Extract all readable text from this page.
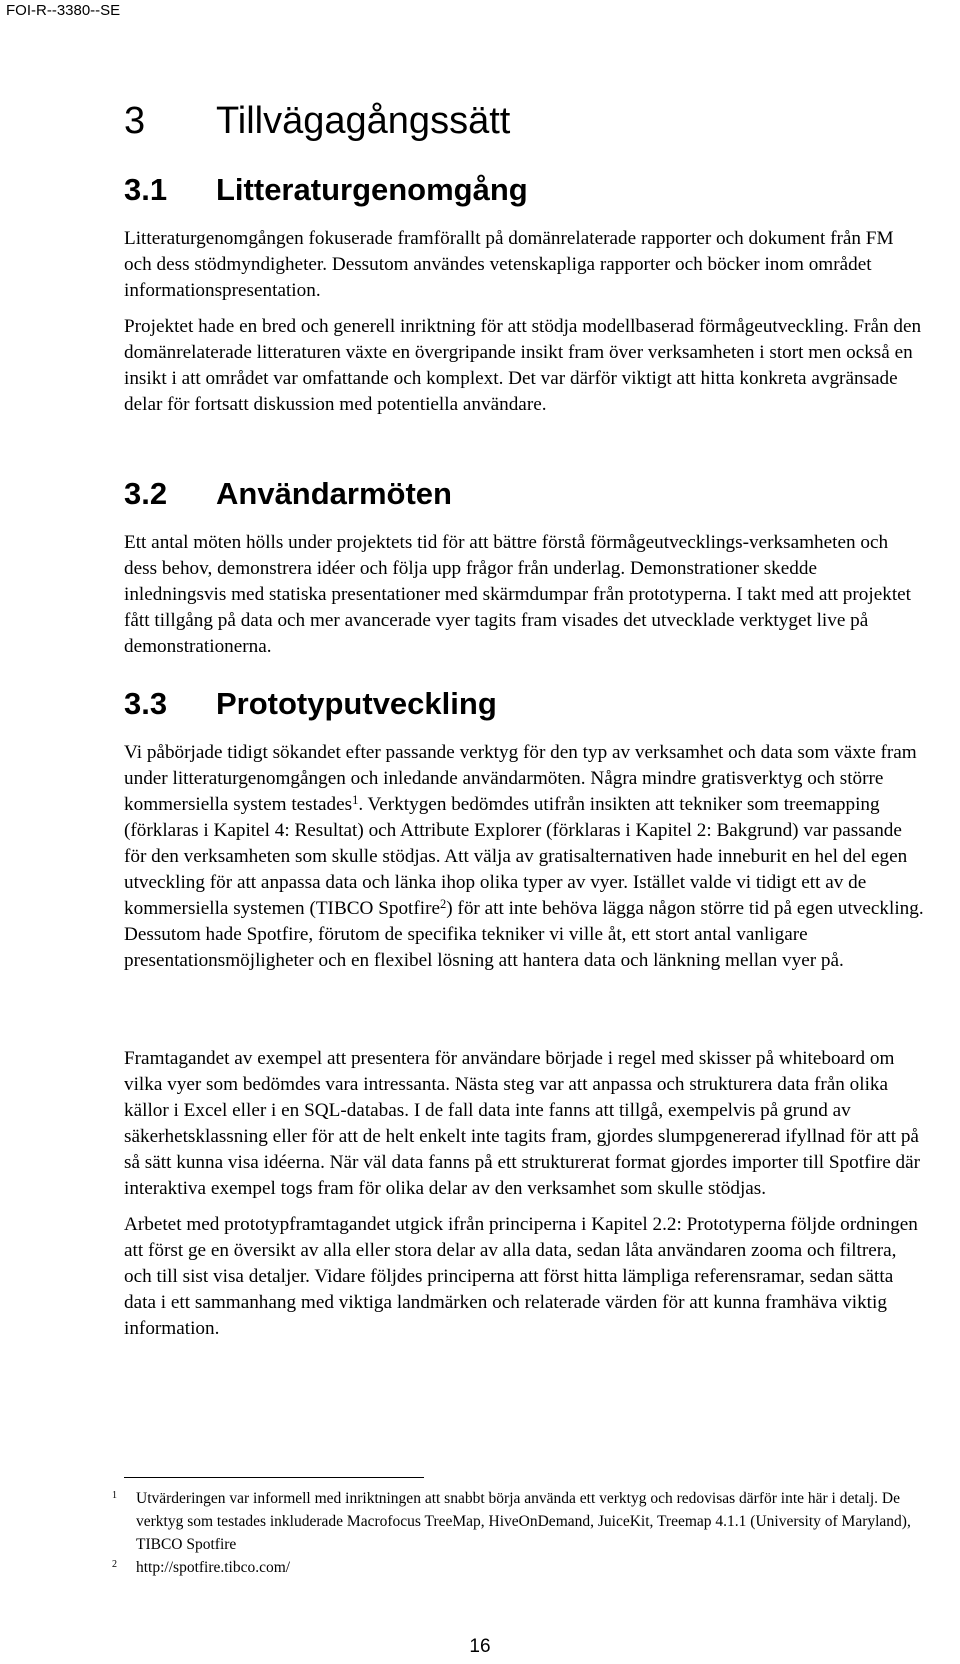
FOI-R--3380--SE
3 Tillvägagångssätt
3.1 Litteraturgenomgång

Litteraturgenomgången fokuserade framförallt på domänrelaterade rapporter och dokument från FM och dess stödmyndigheter. Dessutom användes vetenskapliga rapporter och böcker inom området informationspresentation.

Projektet hade en bred och generell inriktning för att stödja modellbaserad förmågeutveckling. Från den domänrelaterade litteraturen växte en övergripande insikt fram över verksamheten i stort men också en insikt i att området var omfattande och komplext. Det var därför viktigt att hitta konkreta avgränsade delar för fortsatt diskussion med potentiella användare.

3.2 Användarmöten

Ett antal möten hölls under projektets tid för att bättre förstå förmågeutvecklings-verksamheten och dess behov, demonstrera idéer och följa upp frågor från underlag. Demonstrationer skedde inledningsvis med statiska presentationer med skärmdumpar från prototyperna. I takt med att projektet fått tillgång på data och mer avancerade vyer tagits fram visades det utvecklade verktyget live på demonstrationerna.

3.3 Prototyputveckling

Vi påbörjade tidigt sökandet efter passande verktyg för den typ av verksamhet och data som växte fram under litteraturgenomgången och inledande användarmöten. Några mindre gratisverktyg och större kommersiella system testades$^1$. Verktygen bedömdes utifrån insikten att tekniker som treemapping (förklaras i Kapitel 4: Resultat) och Attribute Explorer (förklaras i Kapitel 2: Bakgrund) var passande för den verksamheten som skulle stödjas. Att välja av gratisalternativen hade inneburit en hel del egen utveckling för att anpassa data och länka ihop olika typer av vyer. Istället valde vi tidigt ett av de kommersiella systemen (TIBCO Spotfire$^2$) för att inte behöva lägga någon större tid på egen utveckling. Dessutom hade Spotfire, förutom de specifika tekniker vi ville åt, ett stort antal vanligare presentationsmöjligheter och en flexibel lösning att hantera data och länkning mellan vyer på.

Framtagandet av exempel att presentera för användare började i regel med skisser på whiteboard om vilka vyer som bedömdes vara intressanta. Nästa steg var att anpassa och strukturera data från olika källor i Excel eller i en SQL-databas. I de fall data inte fanns att tillgå, exempelvis på grund av säkerhetsklassning eller för att de helt enkelt inte tagits fram, gjordes slumpgenererad ifyllnad för att på så sätt kunna visa idéerna. När väl data fanns på ett strukturerat format gjordes importer till Spotfire där interaktiva exempel togs fram för olika delar av den verksamhet som skulle stödjas.

Arbetet med prototypframtagandet utgick ifrån principerna i Kapitel 2.2: Prototyperna följde ordningen att först ge en översikt av alla eller stora delar av alla data, sedan låta användaren zooma och filtrera, och till sist visa detaljer. Vidare följdes principerna att först hitta lämpliga referensramar, sedan sätta data i ett sammanhang med viktiga landmärken och relaterade värden för att kunna framhäva viktig information.

$^1$ Utvärderingen var informell med inriktningen att snabbt börja använda ett verktyg och redovisas därför inte här i detalj. De verktyg som testades inkluderade Macrofocus TreeMap, HiveOnDemand, JuiceKit, Treemap 4.1.1 (University of Maryland), TIBCO Spotfire
$^2$ http://spotfire.tibco.com/
16
